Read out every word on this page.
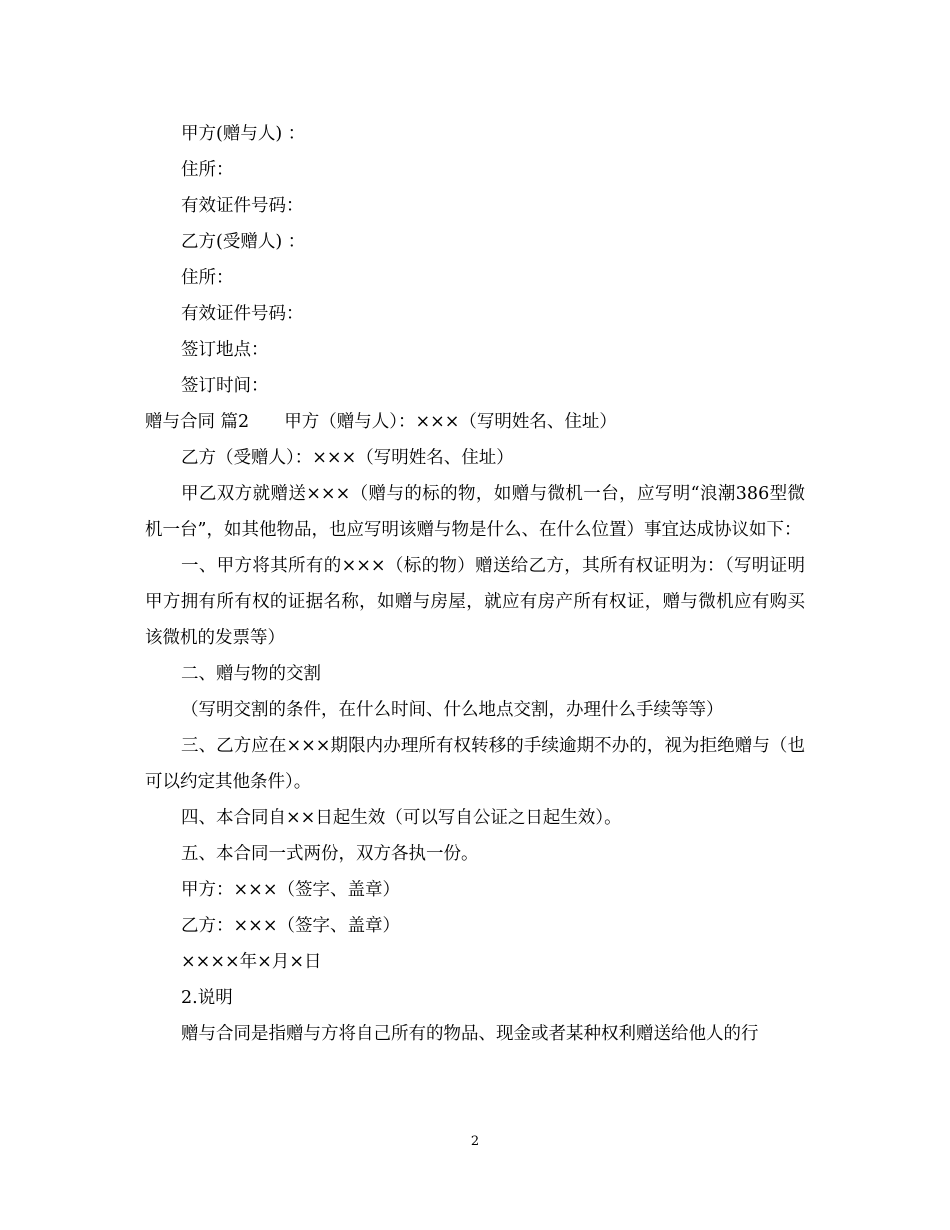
甲方(赠与人) ：

住所：

有效证件号码：

乙方(受赠人) ：

住所：

有效证件号码：

签订地点：

签订时间：

赠与合同 篇2　　甲方（赠与人）：×××（写明姓名、住址）

乙方（受赠人）：×××（写明姓名、住址）

甲乙双方就赠送×××（赠与的标的物，如赠与微机一台，应写明“浪潮386型微机一台”，如其他物品，也应写明该赠与物是什么、在什么位置）事宜达成协议如下：

一、甲方将其所有的×××（标的物）赠送给乙方，其所有权证明为：（写明证明甲方拥有所有权的证据名称，如赠与房屋，就应有房产所有权证，赠与微机应有购买该微机的发票等）

二、赠与物的交割

（写明交割的条件，在什么时间、什么地点交割，办理什么手续等等）

三、乙方应在×××期限内办理所有权转移的手续逾期不办的，视为拒绝赠与（也可以约定其他条件）。

四、本合同自××日起生效（可以写自公证之日起生效）。

五、本合同一式两份，双方各执一份。

甲方：×××（签字、盖章）

乙方：×××（签字、盖章）

××××年×月×日

2.说明

赠与合同是指赠与方将自己所有的物品、现金或者某种权利赠送给他人的行

2
